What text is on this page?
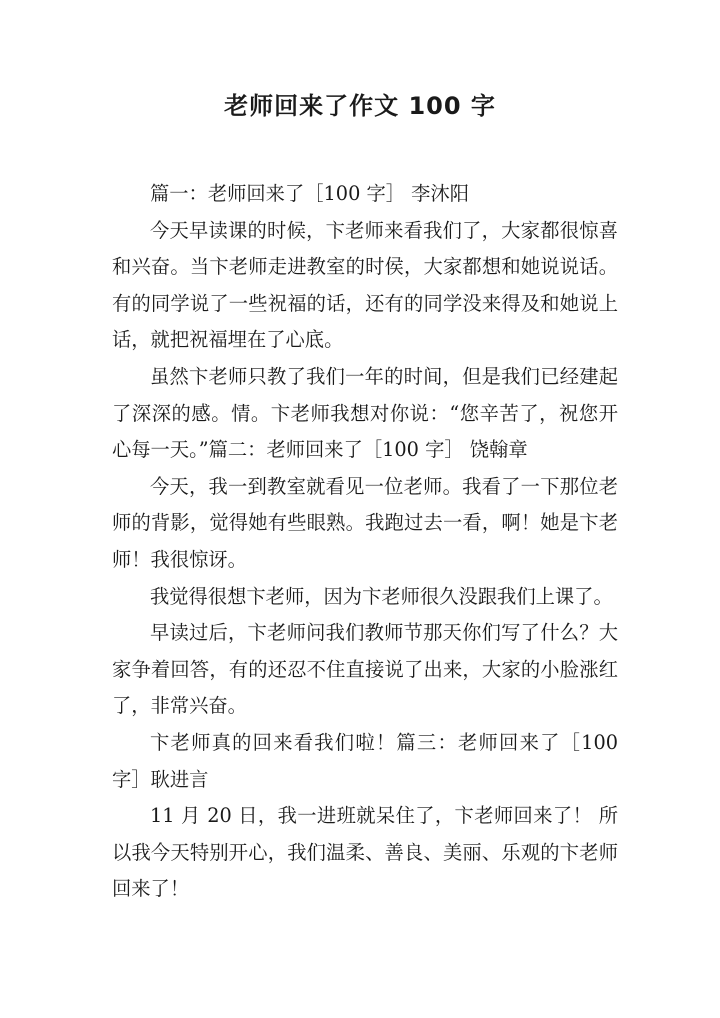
老师回来了作文 100 字

篇一：老师回来了［100 字］ 李沐阳

今天早读课的时候，卞老师来看我们了，大家都很惊喜和兴奋。当卞老师走进教室的时侯，大家都想和她说说话。有的同学说了一些祝福的话，还有的同学没来得及和她说上话，就把祝福埋在了心底。

虽然卞老师只教了我们一年的时间，但是我们已经建起了深深的感。情。卞老师我想对你说：“您辛苦了，祝您开心每一天。”篇二：老师回来了［100 字］ 饶翰章

今天，我一到教室就看见一位老师。我看了一下那位老师的背影，觉得她有些眼熟。我跑过去一看，啊！她是卞老师！我很惊讶。

我觉得很想卞老师，因为卞老师很久没跟我们上课了。

早读过后，卞老师问我们教师节那天你们写了什么？大家争着回答，有的还忍不住直接说了出来，大家的小脸涨红了，非常兴奋。

卞老师真的回来看我们啦！篇三：老师回来了［100 字］耿进言

11 月 20 日，我一进班就呆住了，卞老师回来了！ 所以我今天特别开心，我们温柔、善良、美丽、乐观的卞老师回来了！
